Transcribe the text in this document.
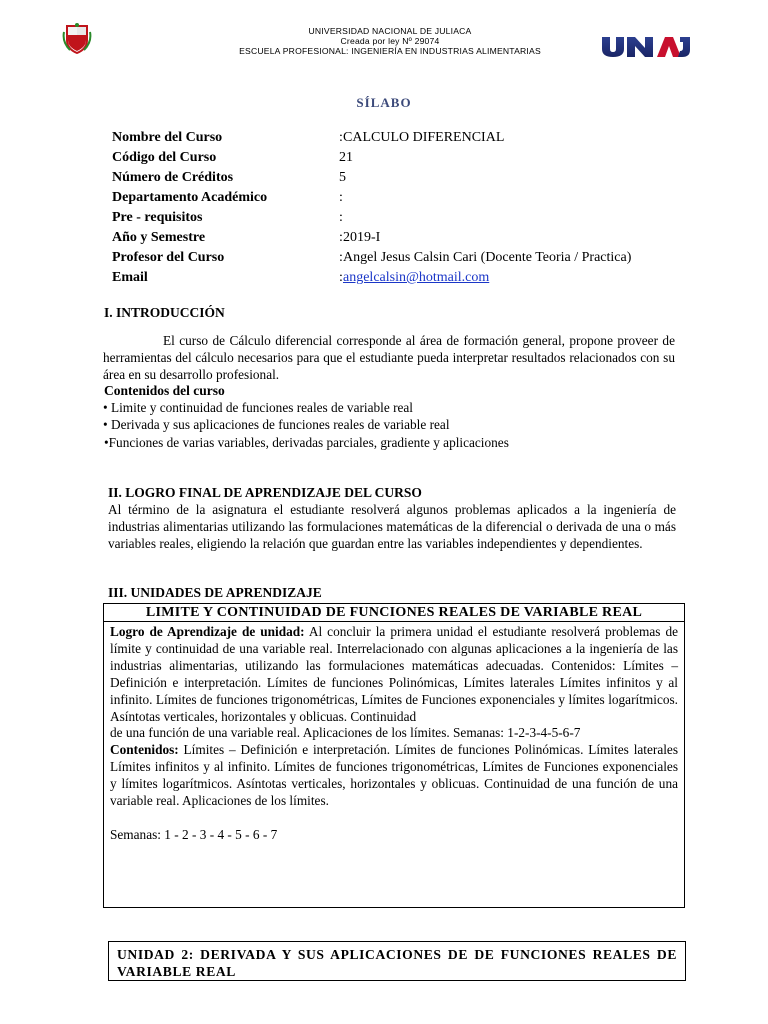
UNIVERSIDAD NACIONAL DE JULIACA
Creada por ley Nº 29074
ESCUELA PROFESIONAL: INGENIERÍA EN INDUSTRIAS ALIMENTARIAS
SÍLABO
Nombre del Curso	: CALCULO DIFERENCIAL
Código del Curso	21
Número de Créditos	5
Departamento Académico	:
Pre - requisitos	:
Año y Semestre	: 2019-I
Profesor del Curso	: Angel Jesus Calsin Cari (Docente Teoria / Practica)
Email	: angelcalsin@hotmail.com
I. INTRODUCCIÓN
El curso de Cálculo diferencial corresponde al área de formación general, propone proveer de herramientas del cálculo necesarios para que el estudiante pueda interpretar resultados relacionados con su área en su desarrollo profesional.
Contenidos del curso
• Limite y continuidad de funciones reales de variable real
• Derivada y sus aplicaciones de funciones reales de variable real
•Funciones de varias variables, derivadas parciales, gradiente y aplicaciones
II. LOGRO FINAL DE APRENDIZAJE DEL CURSO
Al término de la asignatura el estudiante resolverá algunos problemas aplicados a la ingeniería de industrias alimentarias utilizando las formulaciones matemáticas de la diferencial o derivada de una o más variables reales, eligiendo la relación que guardan entre las variables independientes y dependientes.
III. UNIDADES DE APRENDIZAJE
LIMITE Y CONTINUIDAD DE FUNCIONES REALES DE VARIABLE REAL

Logro de Aprendizaje de unidad: Al concluir la primera unidad el estudiante resolverá problemas de límite y continuidad de una variable real. Interrelacionado con algunas aplicaciones a la ingeniería de las industrias alimentarias, utilizando las formulaciones matemáticas adecuadas. Contenidos: Límites – Definición e interpretación. Límites de funciones Polinómicas, Límites laterales Límites infinitos y al infinito. Límites de funciones trigonométricas, Límites de Funciones exponenciales y límites logarítmicos. Asíntotas verticales, horizontales y oblicuas. Continuidad

de una función de una variable real. Aplicaciones de los límites. Semanas: 1-2-3-4-5-6-7

Contenidos: Límites – Definición e interpretación. Límites de funciones Polinómicas. Límites laterales Límites infinitos y al infinito. Límites de funciones trigonométricas, Límites de Funciones exponenciales y límites logarítmicos. Asíntotas verticales, horizontales y oblicuas. Continuidad de una función de una variable real. Aplicaciones de los límites.

Semanas: 1 - 2 - 3 - 4 - 5 - 6 - 7

UNIDAD 2: DERIVADA Y SUS APLICACIONES DE DE FUNCIONES REALES DE VARIABLE REAL
